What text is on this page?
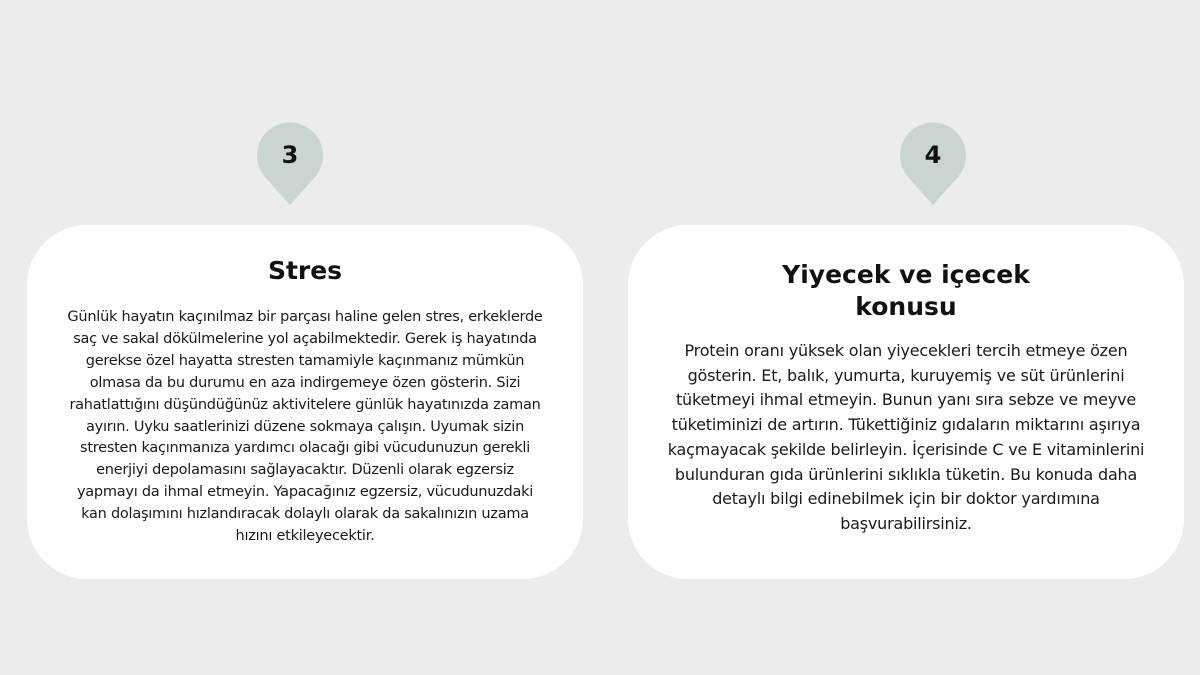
3	4
Stres

Günlük hayatın kaçınılmaz bir parçası haline gelen stres, erkeklerde saç ve sakal dökülmelerine yol açabilmektedir. Gerek iş hayatında gerekse özel hayatta stresten tamamiyle kaçınmanız mümkün olmasa da bu durumu en aza indirgemeye özen gösterin. Sizi rahatlattığını düşündüğünüz aktivitelere günlük hayatınızda zaman ayırın. Uyku saatlerinizi düzene sokmaya çalışın. Uyumak sizin stresten kaçınmanıza yardımcı olacağı gibi vücudunuzun gerekli enerjiyi depolamasını sağlayacaktır. Düzenli olarak egzersiz yapmayı da ihmal etmeyin. Yapacağınız egzersiz, vücudunuzdaki kan dolaşımını hızlandıracak dolaylı olarak da sakalınızın uzama hızını etkileyecektir.

Yiyecek ve içecek konusu

Protein oranı yüksek olan yiyecekleri tercih etmeye özen gösterin. Et, balık, yumurta, kuruyemiş ve süt ürünlerini tüketmeyi ihmal etmeyin. Bunun yanı sıra sebze ve meyve tüketiminizi de artırın. Tükettiğiniz gıdaların miktarını aşırıya kaçmayacak şekilde belirleyin. İçerisinde C ve E vitaminlerini bulunduran gıda ürünlerini sıklıkla tüketin. Bu konuda daha detaylı bilgi edinebilmek için bir doktor yardımına başvurabilirsiniz.
